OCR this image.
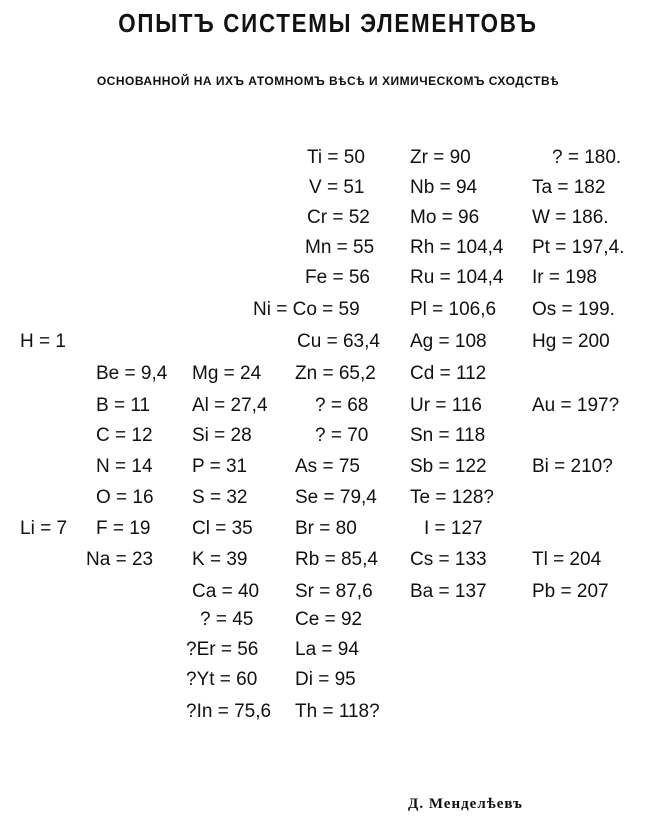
ОПЫТЪ СИСТЕМЫ ЭЛЕМЕНТОВЪ
ОСНОВАННОЙ НА ИХЪ АТОМНОМЪ ВѣСѣ И ХИМИЧЕСКОМЪ СХОДСТВѣ
H = 1
Li = 7
Be = 9,4
B = 11
C = 12
N = 14
O = 16
F = 19
Na = 23
Mg = 24
Al = 27,4
Si = 28
P = 31
S = 32
Cl = 35
K = 39
Ca = 40
? = 45
?Er = 56
?Yt = 60
?In = 75,6
Ti = 50
V = 51
Cr = 52
Mn = 55
Fe = 56
Ni = Co = 59
Cu = 63,4
Zn = 65,2
? = 68
? = 70
As = 75
Se = 79,4
Br = 80
Rb = 85,4
Sr = 87,6
Ce = 92
La = 94
Di = 95
Th = 118?
Zr = 90
Nb = 94
Mo = 96
Rh = 104,4
Ru = 104,4
Pl = 106,6
Ag = 108
Cd = 112
Ur = 116
Sn = 118
Sb = 122
Te = 128?
I = 127
Cs = 133
Ba = 137
? = 180.
Ta = 182
W = 186.
Pt = 197,4.
Ir = 198
Os = 199.
Hg = 200
Au = 197?
Bi = 210?
Tl = 204
Pb = 207
Д. Менделѣевъ
